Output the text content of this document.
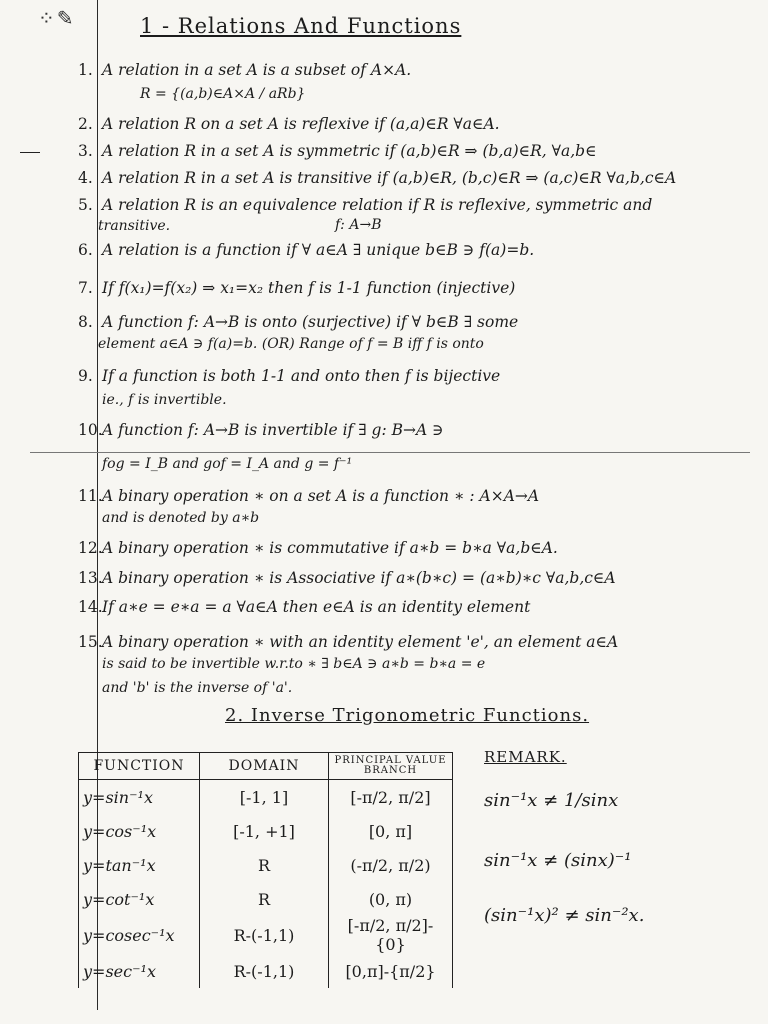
⁘✎	1 - Relations And Functions
1. A relation in a set A is a subset of A×A.
R = {(a,b)∈A×A / aRb}
2. A relation R on a set A is reflexive if (a,a)∈R ∀a∈A.
3. A relation R in a set A is symmetric if (a,b)∈R ⇒ (b,a)∈R, ∀a,b∈
4. A relation R in a set A is transitive if (a,b)∈R, (b,c)∈R ⇒ (a,c)∈R ∀a,b,c∈A
5. A relation R is an equivalence relation if R is reflexive, symmetric and
transitive.	f: A→B
6. A relation is a function if ∀ a∈A ∃ unique b∈B ∋ f(a)=b.
7. If f(x₁)=f(x₂) ⇒ x₁=x₂ then f is 1-1 function (injective)
8. A function f: A→B is onto (surjective) if ∀ b∈B ∃ some
element a∈A ∋ f(a)=b. (OR) Range of f = B iff f is onto
9. If a function is both 1-1 and onto then f is bijective
ie., f is invertible.
10.A function f: A→B is invertible if ∃ g: B→A ∋
fog = I_B and gof = I_A and g = f⁻¹
11.A binary operation ∗ on a set A is a function ∗ : A×A→A
and is denoted by a∗b
12.A binary operation ∗ is commutative if a∗b = b∗a ∀a,b∈A.
13.A binary operation ∗ is Associative if a∗(b∗c) = (a∗b)∗c ∀a,b,c∈A
14.If a∗e = e∗a = a ∀a∈A then e∈A is an identity element
15.A binary operation ∗ with an identity element 'e', an element a∈A
is said to be invertible w.r.to ∗ ∃ b∈A ∋ a∗b = b∗a = e
and 'b' is the inverse of 'a'.
2. Inverse Trigonometric Functions.
FUNCTION	DOMAIN	PRINCIPAL VALUE BRANCH
y=sin⁻¹x	[-1, 1]	[-π/2, π/2]
y=cos⁻¹x	[-1, +1]	[0, π]
y=tan⁻¹x	R	(-π/2, π/2)
y=cot⁻¹x	R	(0, π)
y=cosec⁻¹x	R-(-1,1)	[-π/2, π/2]-{0}
y=sec⁻¹x	R-(-1,1)	[0,π]-{π/2}
REMARK.
sin⁻¹x ≠ 1/sinx
sin⁻¹x ≠ (sinx)⁻¹
(sin⁻¹x)² ≠ sin⁻²x.
